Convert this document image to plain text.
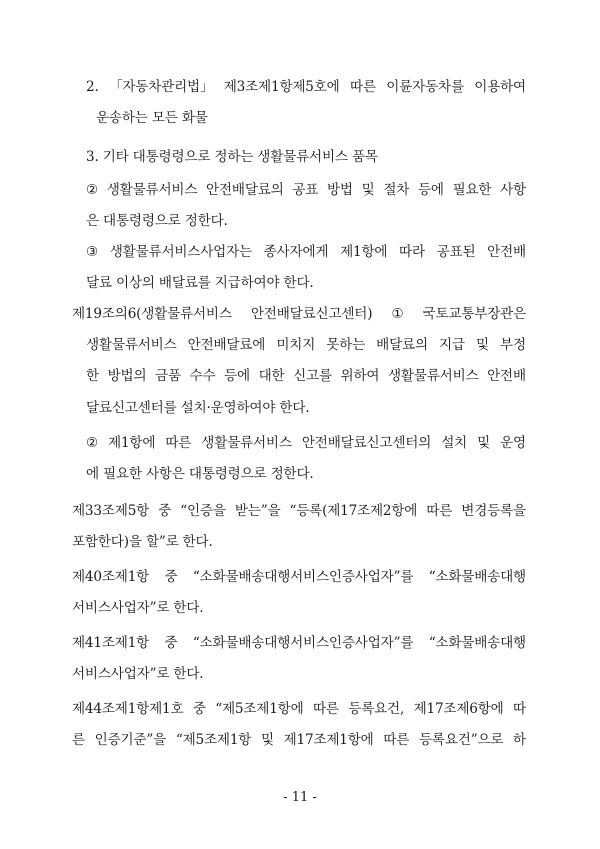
2. 「자동차관리법」 제3조제1항제5호에 따른 이륜자동차를 이용하여
운송하는 모든 화물
3. 기타 대통령령으로 정하는 생활물류서비스 품목
② 생활물류서비스 안전배달료의 공표 방법 및 절차 등에 필요한 사항
은 대통령령으로 정한다.
③ 생활물류서비스사업자는 종사자에게 제1항에 따라 공표된 안전배
달료 이상의 배달료를 지급하여야 한다.
제19조의6(생활물류서비스 안전배달료신고센터) ① 국토교통부장관은
생활물류서비스 안전배달료에 미치지 못하는 배달료의 지급 및 부정
한 방법의 금품 수수 등에 대한 신고를 위하여 생활물류서비스 안전배
달료신고센터를 설치·운영하여야 한다.
② 제1항에 따른 생활물류서비스 안전배달료신고센터의 설치 및 운영
에 필요한 사항은 대통령령으로 정한다.
제33조제5항 중 “인증을 받는”을 “등록(제17조제2항에 따른 변경등록을
포함한다)을 할”로 한다.
제40조제1항 중 “소화물배송대행서비스인증사업자”를 “소화물배송대행
서비스사업자”로 한다.
제41조제1항 중 “소화물배송대행서비스인증사업자”를 “소화물배송대행
서비스사업자”로 한다.
제44조제1항제1호 중 “제5조제1항에 따른 등록요건, 제17조제6항에 따
른 인증기준”을 “제5조제1항 및 제17조제1항에 따른 등록요건”으로 하
- 11 -
